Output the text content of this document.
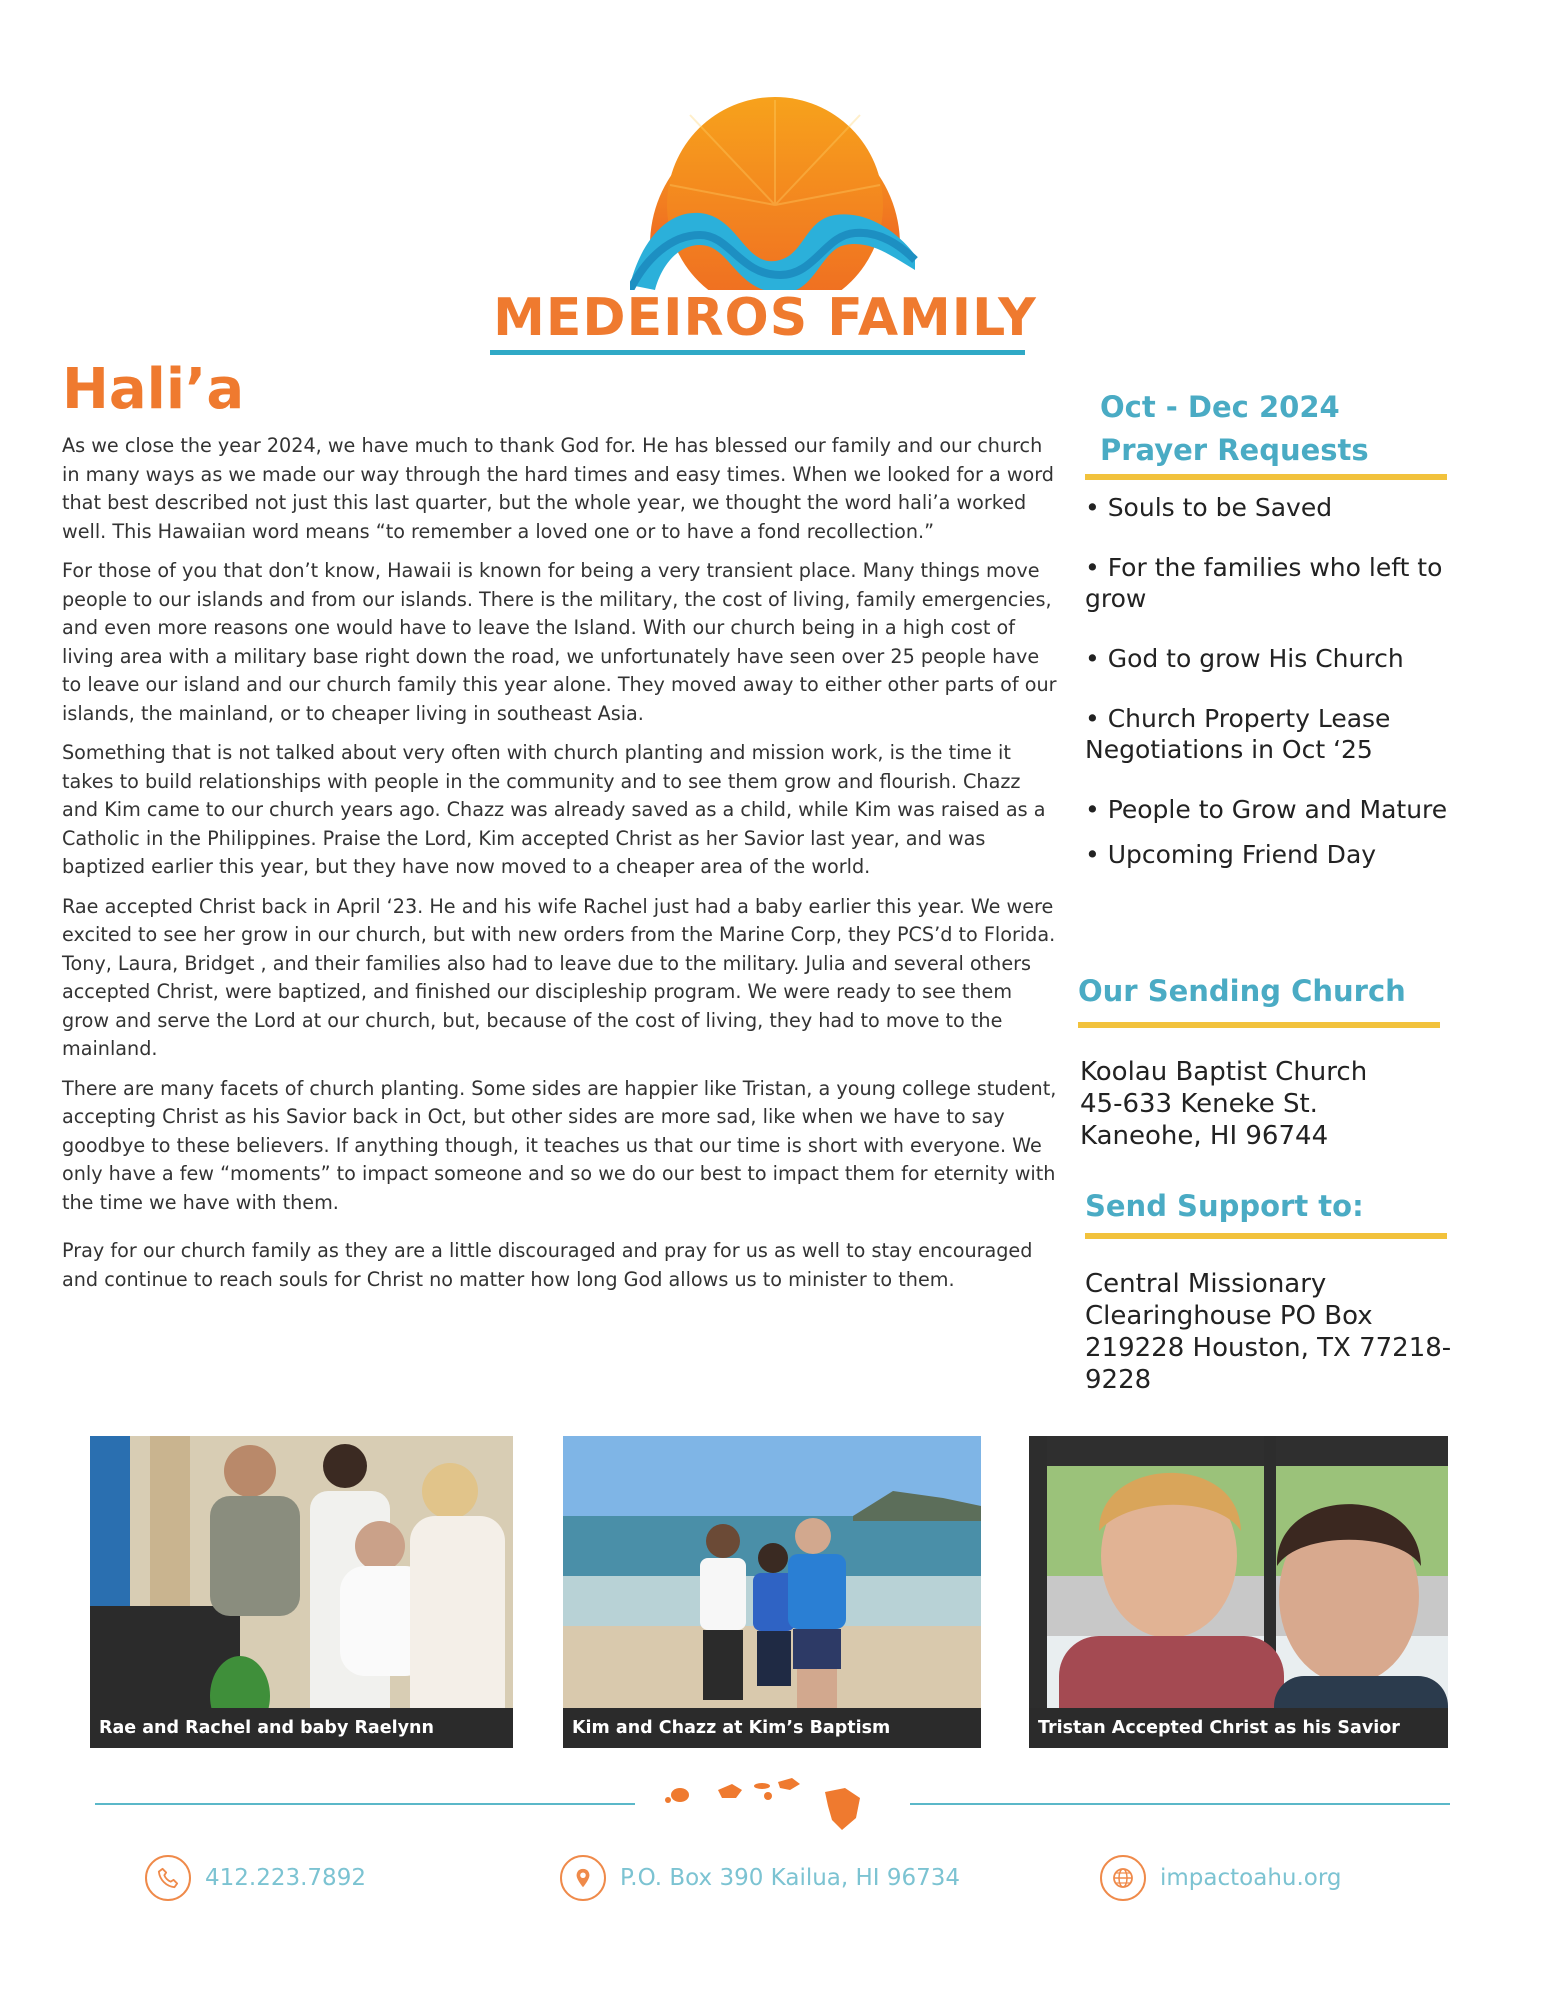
MEDEIROS FAMILY
Hali’a

As we close the year 2024, we have much to thank God for. He has blessed our family and our church in many ways as we made our way through the hard times and easy times. When we looked for a word that best described not just this last quarter, but the whole year, we thought the word hali’a worked well. This Hawaiian word means “to remember a loved one or to have a fond recollection.”

For those of you that don’t know, Hawaii is known for being a very transient place. Many things move people to our islands and from our islands. There is the military, the cost of living, family emergencies, and even more reasons one would have to leave the Island. With our church being in a high cost of living area with a military base right down the road, we unfortunately have seen over 25 people have to leave our island and our church family this year alone. They moved away to either other parts of our islands, the mainland, or to cheaper living in southeast Asia.

Something that is not talked about very often with church planting and mission work, is the time it takes to build relationships with people in the community and to see them grow and flourish. Chazz and Kim came to our church years ago. Chazz was already saved as a child, while Kim was raised as a Catholic in the Philippines. Praise the Lord, Kim accepted Christ as her Savior last year, and was baptized earlier this year, but they have now moved to a cheaper area of the world.

Rae accepted Christ back in April ‘23. He and his wife Rachel just had a baby earlier this year. We were excited to see her grow in our church, but with new orders from the Marine Corp, they PCS’d to Florida. Tony, Laura, Bridget , and their families also had to leave due to the military. Julia and several others accepted Christ, were baptized, and finished our discipleship program. We were ready to see them grow and serve the Lord at our church, but, because of the cost of living, they had to move to the mainland.

There are many facets of church planting. Some sides are happier like Tristan, a young college student, accepting Christ as his Savior back in Oct, but other sides are more sad, like when we have to say goodbye to these believers. If anything though, it teaches us that our time is short with everyone. We only have a few “moments” to impact someone and so we do our best to impact them for eternity with the time we have with them.

Pray for our church family as they are a little discouraged and pray for us as well to stay encouraged and continue to reach souls for Christ no matter how long God allows us to minister to them.

Oct - Dec 2024
Prayer Requests
• Souls to be Saved
• For the families who left to grow
• God to grow His Church
• Church Property Lease Negotiations in Oct ‘25
• People to Grow and Mature
• Upcoming Friend Day
Our Sending Church
Koolau Baptist Church
45-633 Keneke St.
Kaneohe, HI 96744
Send Support to:
Central Missionary Clearinghouse PO Box 219228 Houston, TX 77218-9228
Rae and Rachel and baby Raelynn	Kim and Chazz at Kim’s Baptism	Tristan Accepted Christ as his Savior
412.223.7892	P.O. Box 390 Kailua, HI 96734	impactoahu.org
